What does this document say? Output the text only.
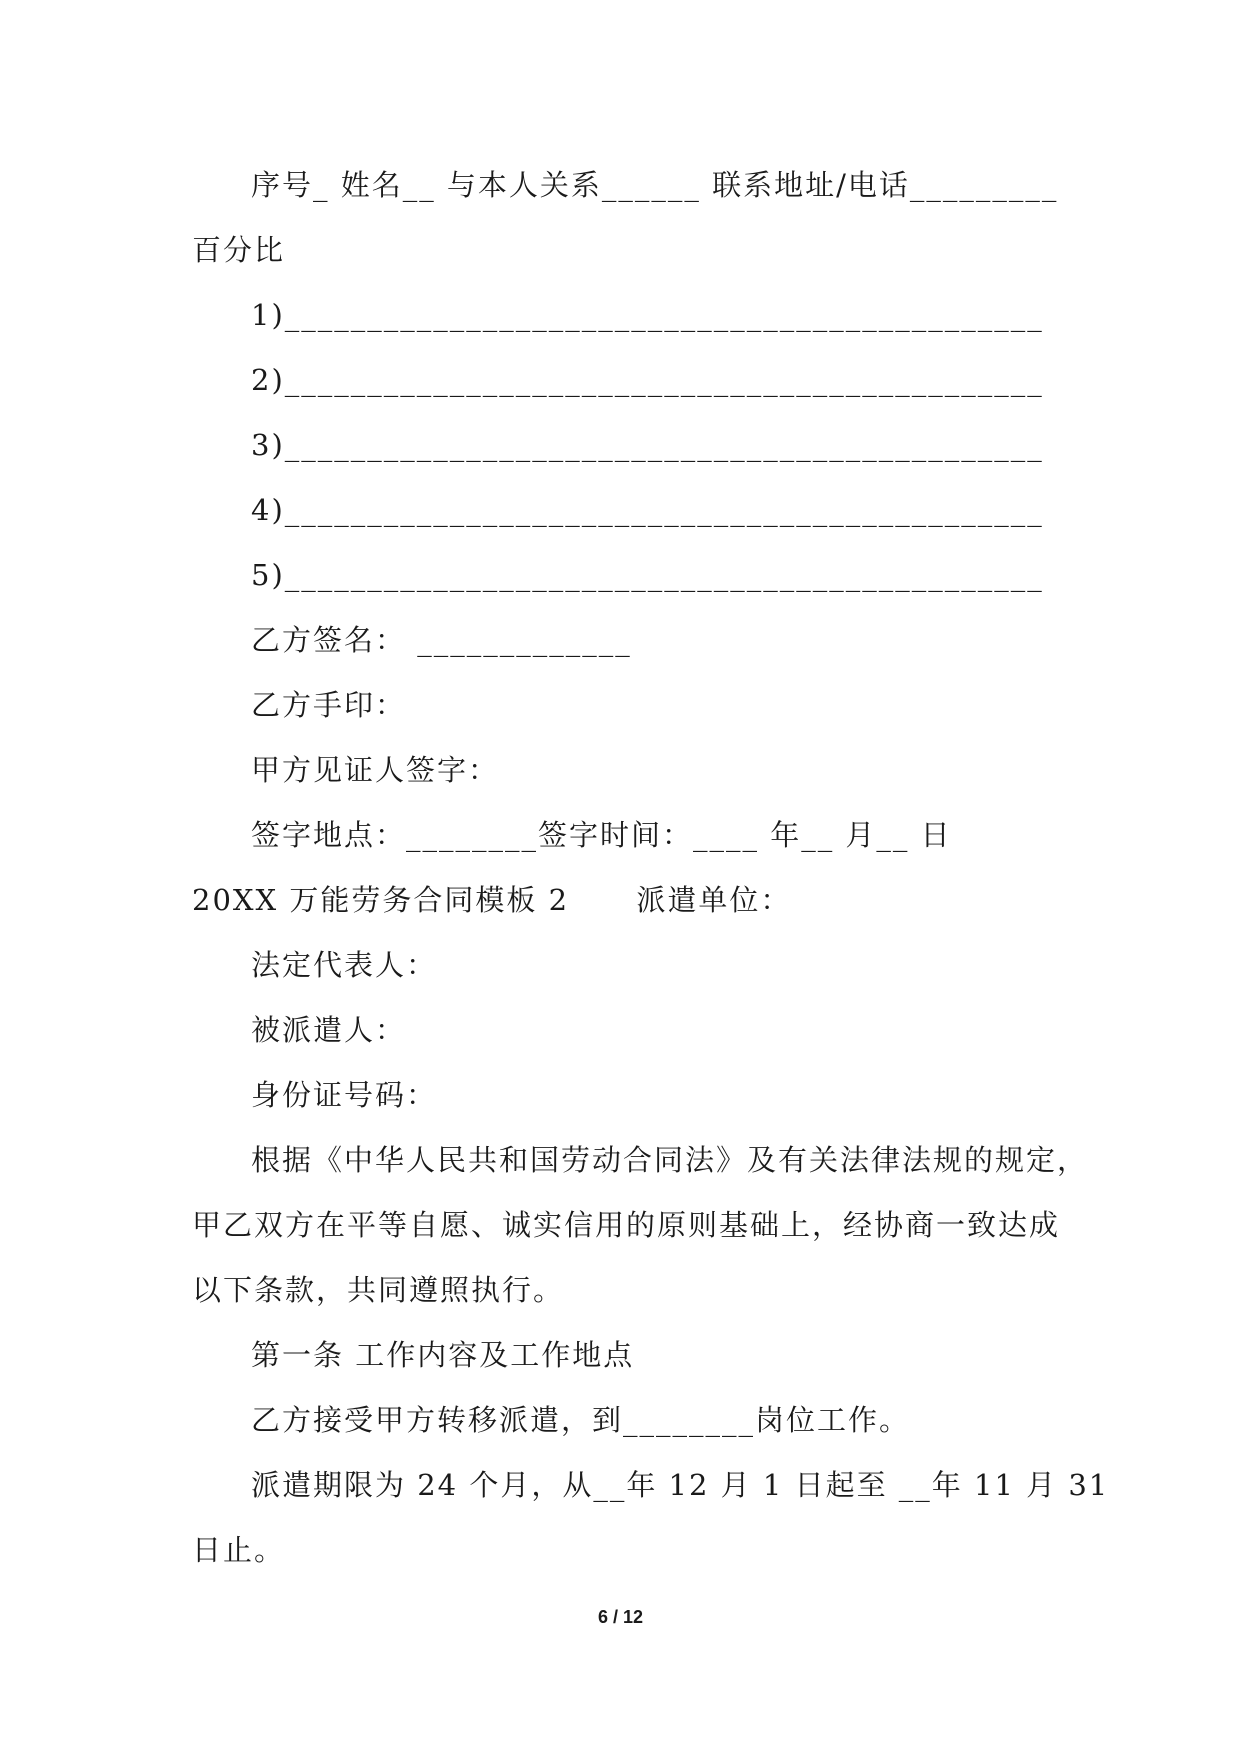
序号_ 姓名__ 与本人关系______ 联系地址/电话_________
百分比
1)______________________________________________
2)______________________________________________
3)______________________________________________
4)______________________________________________
5)______________________________________________
乙方签名： _____________
乙方手印：
甲方见证人签字：
签字地点：________签字时间：____ 年__ 月__ 日
20XX 万能劳务合同模板 2      派遣单位：
法定代表人：
被派遣人：
身份证号码：
根据《中华人民共和国劳动合同法》及有关法律法规的规定，
甲乙双方在平等自愿、诚实信用的原则基础上，经协商一致达成
以下条款，共同遵照执行。
第一条 工作内容及工作地点
乙方接受甲方转移派遣，到________岗位工作。
派遣期限为 24 个月，从__年 12 月 1 日起至 __年 11 月 31
日止。
6 / 12
